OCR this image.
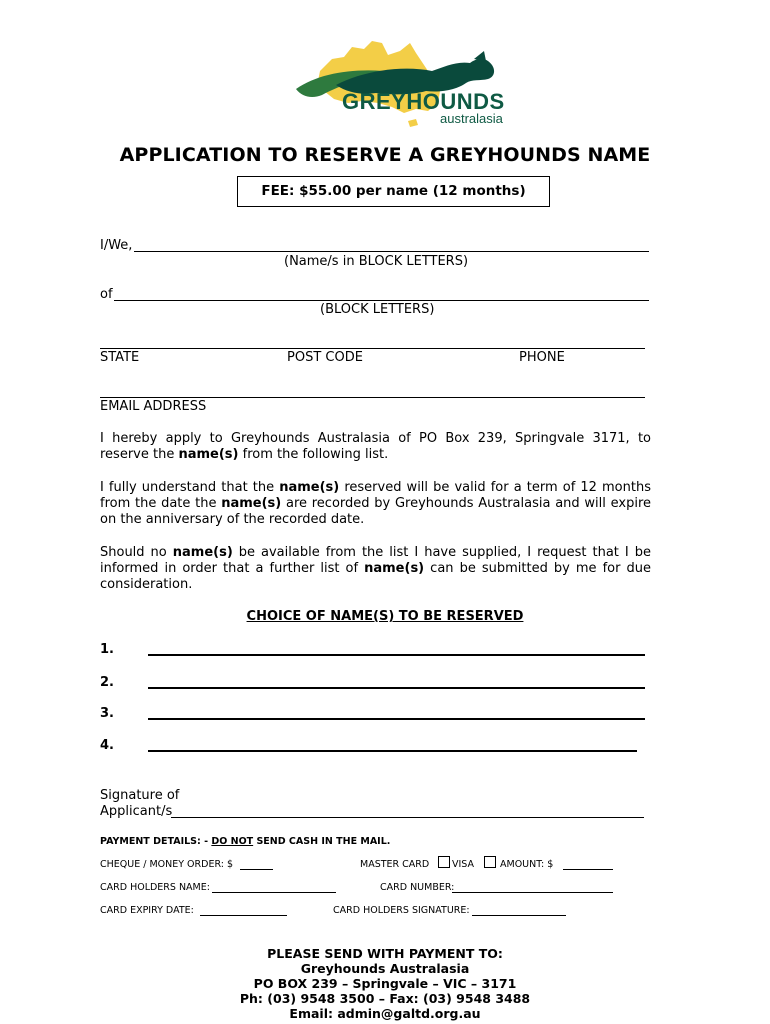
GREYHOUNDS
australasia
APPLICATION TO RESERVE A GREYHOUNDS NAME
FEE: $55.00 per name (12 months)
I/We,
(Name/s in BLOCK LETTERS)
of
(BLOCK LETTERS)
STATE	POST CODE	PHONE
EMAIL ADDRESS
I hereby apply to Greyhounds Australasia of PO Box 239, Springvale 3171, to reserve the name(s) from the following list.
I fully understand that the name(s) reserved will be valid for a term of 12 months from the date the name(s) are recorded by Greyhounds Australasia and will expire on the anniversary of the recorded date.
Should no name(s) be available from the list I have supplied, I request that I be informed in order that a further list of name(s) can be submitted by me for due consideration.
CHOICE OF NAME(S) TO BE RESERVED
1.
2.
3.
4.
Signature of
Applicant/s
PAYMENT DETAILS: - DO NOT SEND CASH IN THE MAIL.
CHEQUE / MONEY ORDER: $	MASTER CARD VISA	AMOUNT: $
CARD HOLDERS NAME:	CARD NUMBER:
CARD EXPIRY DATE:	CARD HOLDERS SIGNATURE:
PLEASE SEND WITH PAYMENT TO:
Greyhounds Australasia
PO BOX 239 – Springvale – VIC – 3171
Ph: (03) 9548 3500 – Fax: (03) 9548 3488
Email: admin@galtd.org.au
